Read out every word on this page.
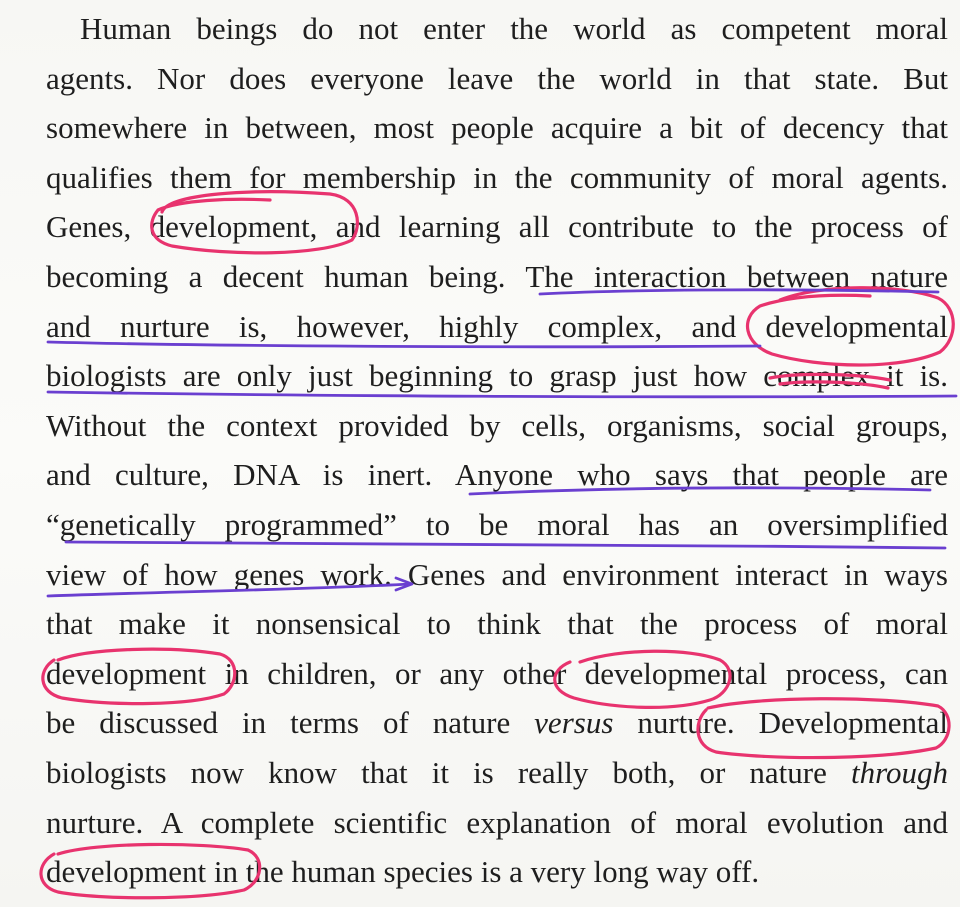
Human beings do not enter the world as competent moral
agents. Nor does everyone leave the world in that state. But
somewhere in between, most people acquire a bit of decency that
qualifies them for membership in the community of moral agents.
Genes, development, and learning all contribute to the process of
becoming a decent human being. The interaction between nature
and nurture is, however, highly complex, and developmental
biologists are only just beginning to grasp just how complex it is.
Without the context provided by cells, organisms, social groups,
and culture, DNA is inert. Anyone who says that people are
“genetically programmed” to be moral has an oversimplified
view of how genes work. Genes and environment interact in ways
that make it nonsensical to think that the process of moral
development in children, or any other developmental process, can
be discussed in terms of nature versus nurture. Developmental
biologists now know that it is really both, or nature through
nurture. A complete scientific explanation of moral evolution and
development in the human species is a very long way off.
